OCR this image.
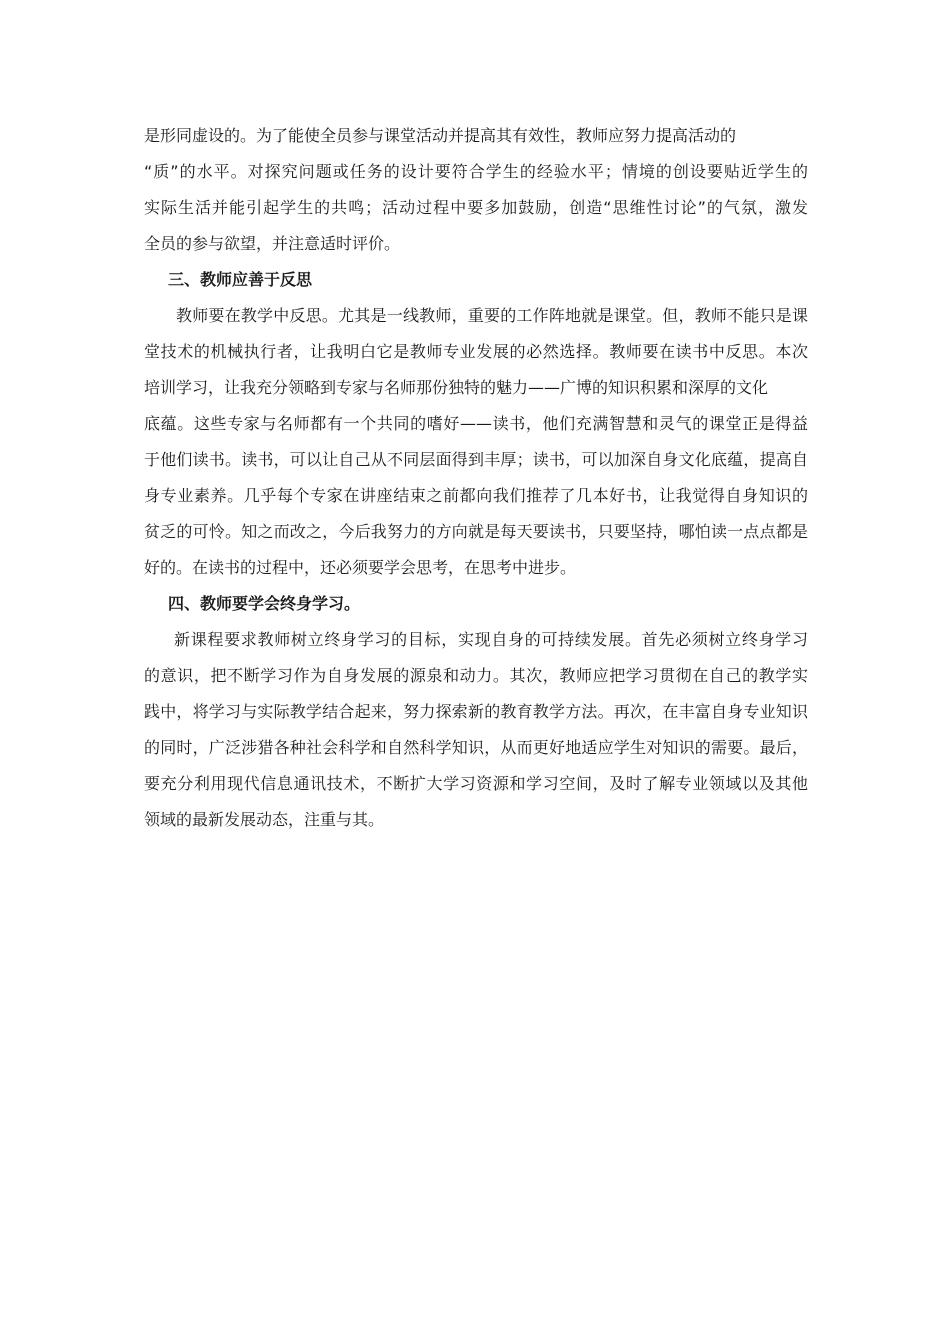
是形同虚设的。为了能使全员参与课堂活动并提高其有效性，教师应努力提高活动的
“质”的水平。对探究问题或任务的设计要符合学生的经验水平；情境的创设要贴近学生的
实际生活并能引起学生的共鸣；活动过程中要多加鼓励，创造“思维性讨论”的气氛，激发
全员的参与欲望，并注意适时评价。
三、教师应善于反思
教师要在教学中反思。尤其是一线教师，重要的工作阵地就是课堂。但，教师不能只是课
堂技术的机械执行者，让我明白它是教师专业发展的必然选择。教师要在读书中反思。本次
培训学习，让我充分领略到专家与名师那份独特的魅力——广博的知识积累和深厚的文化
底蕴。这些专家与名师都有一个共同的嗜好——读书，他们充满智慧和灵气的课堂正是得益
于他们读书。读书，可以让自己从不同层面得到丰厚；读书，可以加深自身文化底蕴，提高自
身专业素养。几乎每个专家在讲座结束之前都向我们推荐了几本好书，让我觉得自身知识的
贫乏的可怜。知之而改之，今后我努力的方向就是每天要读书，只要坚持，哪怕读一点点都是
好的。在读书的过程中，还必须要学会思考，在思考中进步。
四、教师要学会终身学习。
新课程要求教师树立终身学习的目标，实现自身的可持续发展。首先必须树立终身学习
的意识，把不断学习作为自身发展的源泉和动力。其次，教师应把学习贯彻在自己的教学实
践中，将学习与实际教学结合起来，努力探索新的教育教学方法。再次，在丰富自身专业知识
的同时，广泛涉猎各种社会科学和自然科学知识，从而更好地适应学生对知识的需要。最后，
要充分利用现代信息通讯技术，不断扩大学习资源和学习空间，及时了解专业领域以及其他
领域的最新发展动态，注重与其。
